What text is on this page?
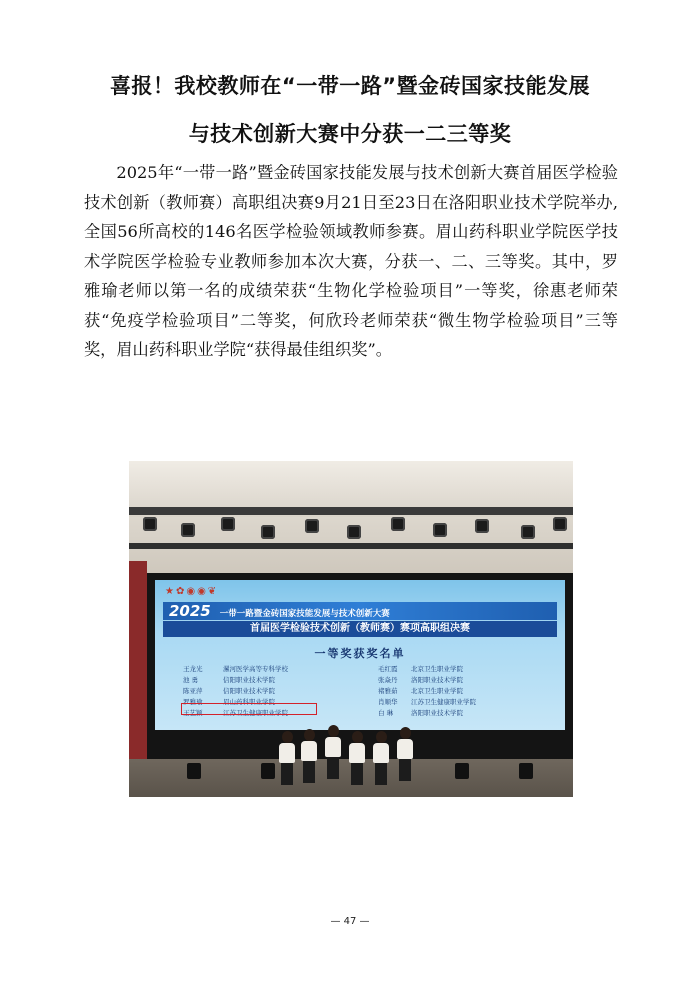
喜报！我校教师在“一带一路”暨金砖国家技能发展
与技术创新大赛中分获一二三等奖

2025年“一带一路”暨金砖国家技能发展与技术创新大赛首届医学检验技术创新（教师赛）高职组决赛9月21日至23日在洛阳职业技术学院举办,全国56所高校的146名医学检验领域教师参赛。眉山药科职业学院医学技术学院医学检验专业教师参加本次大赛，分获一、二、三等奖。其中，罗雅瑜老师以第一名的成绩荣获“生物化学检验项目”一等奖，徐惠老师荣获“免疫学检验项目”二等奖，何欣玲老师荣获“微生物学检验项目”三等奖，眉山药科职业学院“获得最佳组织奖”。

★✿◉◉❦
2025 一带一路暨金砖国家技能发展与技术创新大赛
首届医学检验技术创新（教师赛）赛项高职组决赛
一等奖获奖名单
王龙光	漯河医学高等专科学校	毛红霞 北京卫生职业学院
池 勇	信阳职业技术学院	张焱丹 洛阳职业技术学院
陈亚萍	信阳职业技术学院	褚雅茹 北京卫生职业学院
罗雅瑜	眉山药科职业学院	肖顺华 江苏卫生健康职业学院
王艺颖	江苏卫生健康职业学院	白 琳	洛阳职业技术学院
— 47 —
